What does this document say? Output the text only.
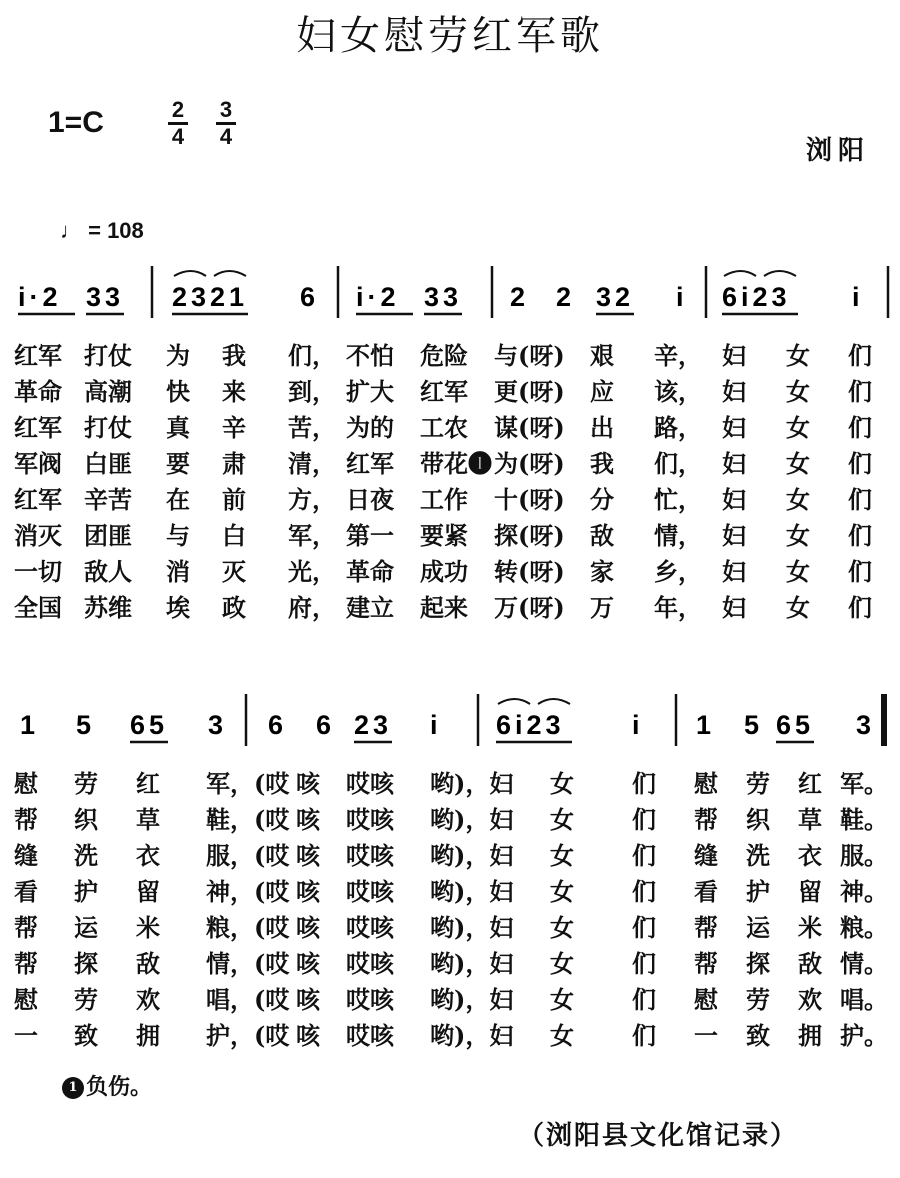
妇女慰劳红军歌
1=C	2
4
3
4	浏阳
♩ = 108
i·2 33 2321 6 i·2 33 2 2 32 i 6i23 i
红军 打仗 为 我 们， 不怕 危险 与(呀) 艰 辛， 妇 女 们
革命 高潮 快 来 到， 扩大 红军 更(呀) 应 该， 妇 女 们
红军 打仗 真 辛 苦， 为的 工农 谋(呀) 出 路， 妇 女 们
军阀 白匪 要 肃 清， 红军 带花❶ 为(呀) 我 们， 妇 女 们
红军 辛苦 在 前 方， 日夜 工作 十(呀) 分 忙， 妇 女 们
消灭 团匪 与 白 军， 第一 要紧 探(呀) 敌 情， 妇 女 们
一切 敌人 消 灭 光， 革命 成功 转(呀) 家 乡， 妇 女 们
全国 苏维 埃 政 府， 建立 起来 万(呀) 万 年， 妇 女 们
1 5 65 3 6 6 23 i 6i23 i 1 5 65 3
慰 劳 红 军，(哎 咳 哎咳 哟)，妇 女 们 慰 劳 红 军。
帮 织 草 鞋，(哎 咳 哎咳 哟)，妇 女 们 帮 织 草 鞋。
缝 洗 衣 服，(哎 咳 哎咳 哟)，妇 女 们 缝 洗 衣 服。
看 护 留 神，(哎 咳 哎咳 哟)，妇 女 们 看 护 留 神。
帮 运 米 粮，(哎 咳 哎咳 哟)，妇 女 们 帮 运 米 粮。
帮 探 敌 情，(哎 咳 哎咳 哟)，妇 女 们 帮 探 敌 情。
慰 劳 欢 唱，(哎 咳 哎咳 哟)，妇 女 们 慰 劳 欢 唱。
一 致 拥 护，(哎 咳 哎咳 哟)，妇 女 们 一 致 拥 护。
1 负伤。
（浏阳县文化馆记录）
